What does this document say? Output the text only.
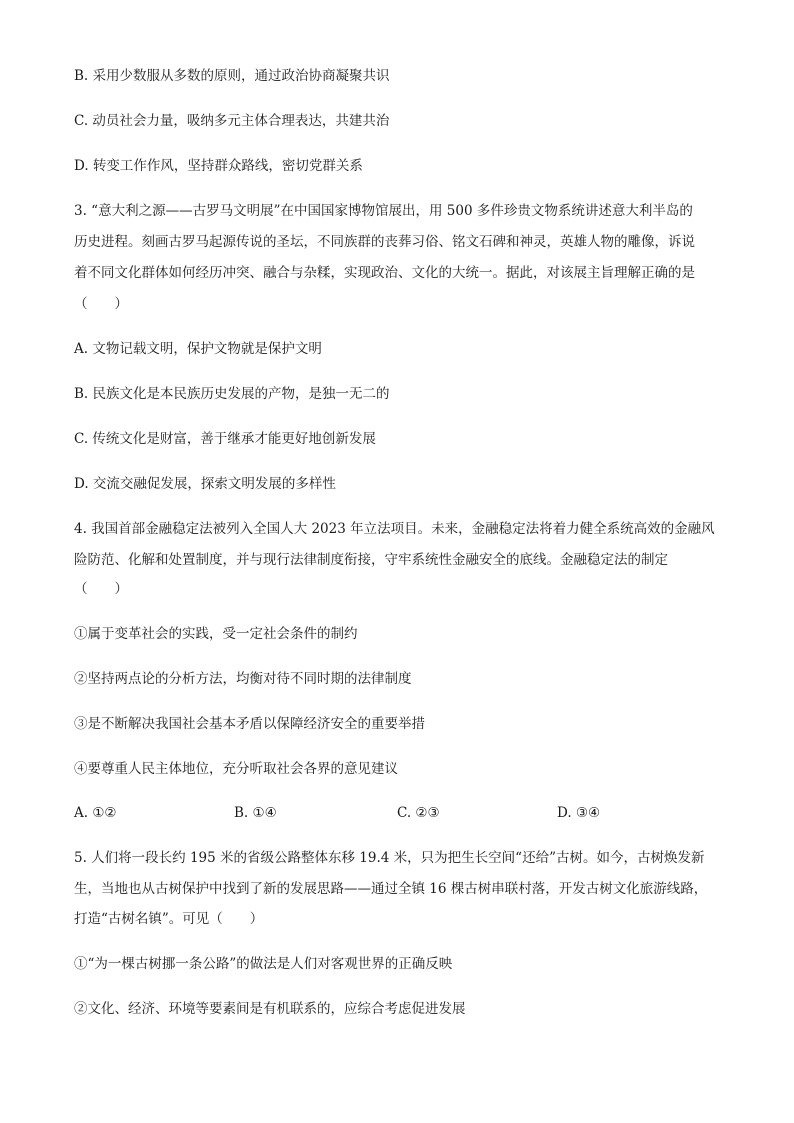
B. 采用少数服从多数的原则，通过政治协商凝聚共识
C. 动员社会力量，吸纳多元主体合理表达，共建共治
D. 转变工作作风，坚持群众路线，密切党群关系
3. “意大利之源——古罗马文明展”在中国国家博物馆展出，用 500 多件珍贵文物系统讲述意大利半岛的
历史进程。刻画古罗马起源传说的圣坛，不同族群的丧葬习俗、铭文石碑和神灵，英雄人物的雕像，诉说
着不同文化群体如何经历冲突、融合与杂糅，实现政治、文化的大统一。据此，对该展主旨理解正确的是
（　　）
A. 文物记载文明，保护文物就是保护文明
B. 民族文化是本民族历史发展的产物，是独一无二的
C. 传统文化是财富，善于继承才能更好地创新发展
D. 交流交融促发展，探索文明发展的多样性
4. 我国首部金融稳定法被列入全国人大 2023 年立法项目。未来，金融稳定法将着力健全系统高效的金融风
险防范、化解和处置制度，并与现行法律制度衔接，守牢系统性金融安全的底线。金融稳定法的制定
（　　）
①属于变革社会的实践，受一定社会条件的制约
②坚持两点论的分析方法，均衡对待不同时期的法律制度
③是不断解决我国社会基本矛盾以保障经济安全的重要举措
④要尊重人民主体地位，充分听取社会各界的意见建议
A. ①②	B. ①④	C. ②③	D. ③④
5. 人们将一段长约 195 米的省级公路整体东移 19.4 米，只为把生长空间“还给”古树。如今，古树焕发新
生，当地也从古树保护中找到了新的发展思路——通过全镇 16 棵古树串联村落，开发古树文化旅游线路，
打造“古树名镇”。可见（　　）
①“为一棵古树挪一条公路”的做法是人们对客观世界的正确反映
②文化、经济、环境等要素间是有机联系的，应综合考虑促进发展
